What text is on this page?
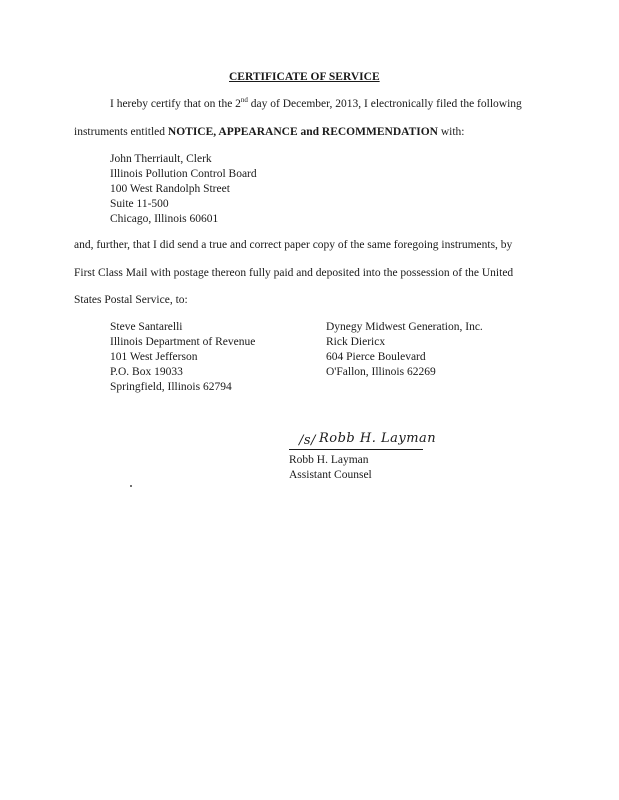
CERTIFICATE OF SERVICE
I hereby certify that on the 2nd day of December, 2013, I electronically filed the following
instruments entitled NOTICE, APPEARANCE and RECOMMENDATION with:
John Therriault, Clerk
Illinois Pollution Control Board
100 West Randolph Street
Suite 11-500
Chicago, Illinois 60601
and, further, that I did send a true and correct paper copy of the same foregoing instruments, by
First Class Mail with postage thereon fully paid and deposited into the possession of the United
States Postal Service, to:
Steve Santarelli
Illinois Department of Revenue
101 West Jefferson
P.O. Box 19033
Springfield, Illinois 62794
Dynegy Midwest Generation, Inc.
Rick Diericx
604 Pierce Boulevard
O'Fallon, Illinois 62269
/s/ Robb H. Layman
Robb H. Layman
Assistant Counsel
